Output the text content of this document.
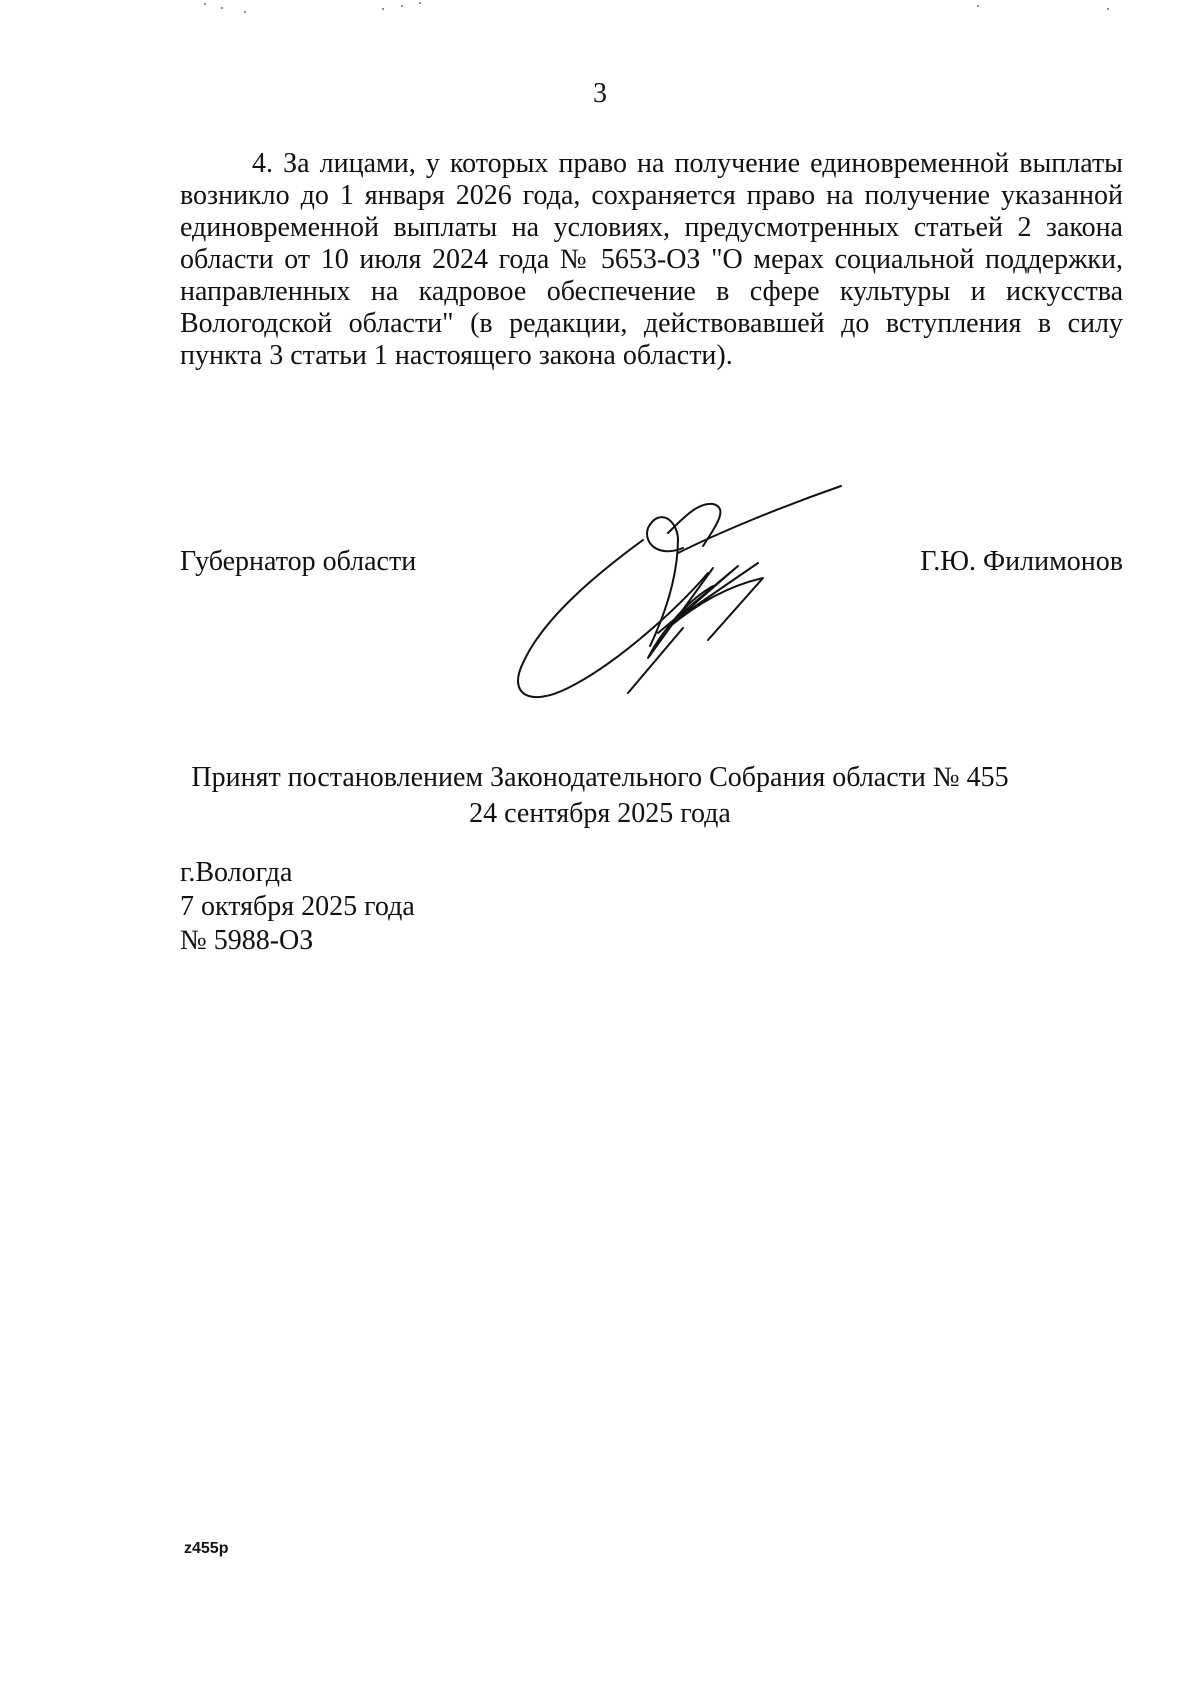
3

4. За лицами, у которых право на получение единовременной выплаты возникло до 1 января 2026 года, сохраняется право на получение указанной единовременной выплаты на условиях, предусмотренных статьей 2 закона области от 10 июля 2024 года № 5653-ОЗ "О мерах социальной поддержки, направленных на кадровое обеспечение в сфере культуры и искусства Вологодской области" (в редакции, действовавшей до вступления в силу пункта 3 статьи 1 настоящего закона области).

Губернатор области	Г.Ю. Филимонов
Принят постановлением Законодательного Собрания области № 455
24 сентября 2025 года
г.Вологда
7 октября 2025 года
№ 5988-ОЗ
z455p
